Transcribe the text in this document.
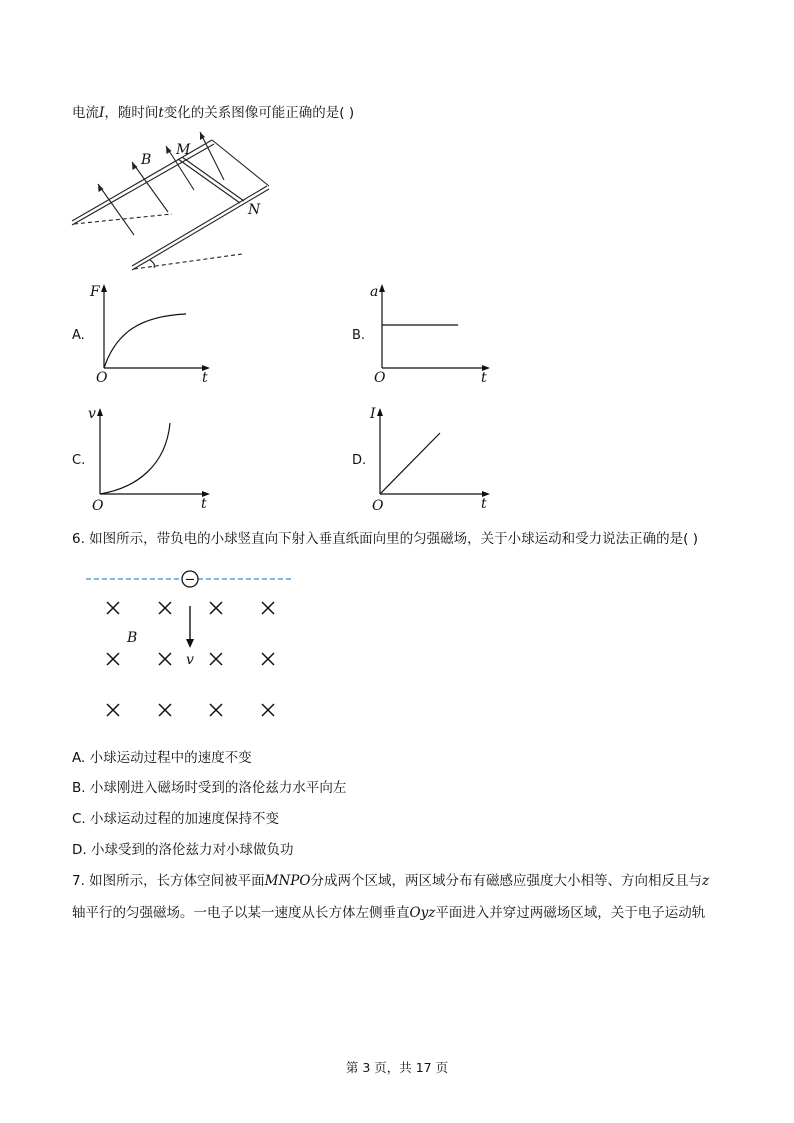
电流I，随时间t变化的关系图像可能正确的是( )
B
M
N
A.
F
t
O
B.
a
t
O
C.
v
t
O
D.
I
t
O
6. 如图所示，带负电的小球竖直向下射入垂直纸面向里的匀强磁场，关于小球运动和受力说法正确的是( )
−
B
v
A. 小球运动过程中的速度不变
B. 小球刚进入磁场时受到的洛伦兹力水平向左
C. 小球运动过程的加速度保持不变
D. 小球受到的洛伦兹力对小球做负功
7. 如图所示，长方体空间被平面MNPO分成两个区域，两区域分布有磁感应强度大小相等、方向相反且与z
轴平行的匀强磁场。一电子以某一速度从长方体左侧垂直Oyz平面进入并穿过两磁场区域，关于电子运动轨
第 3 页，共 17 页
